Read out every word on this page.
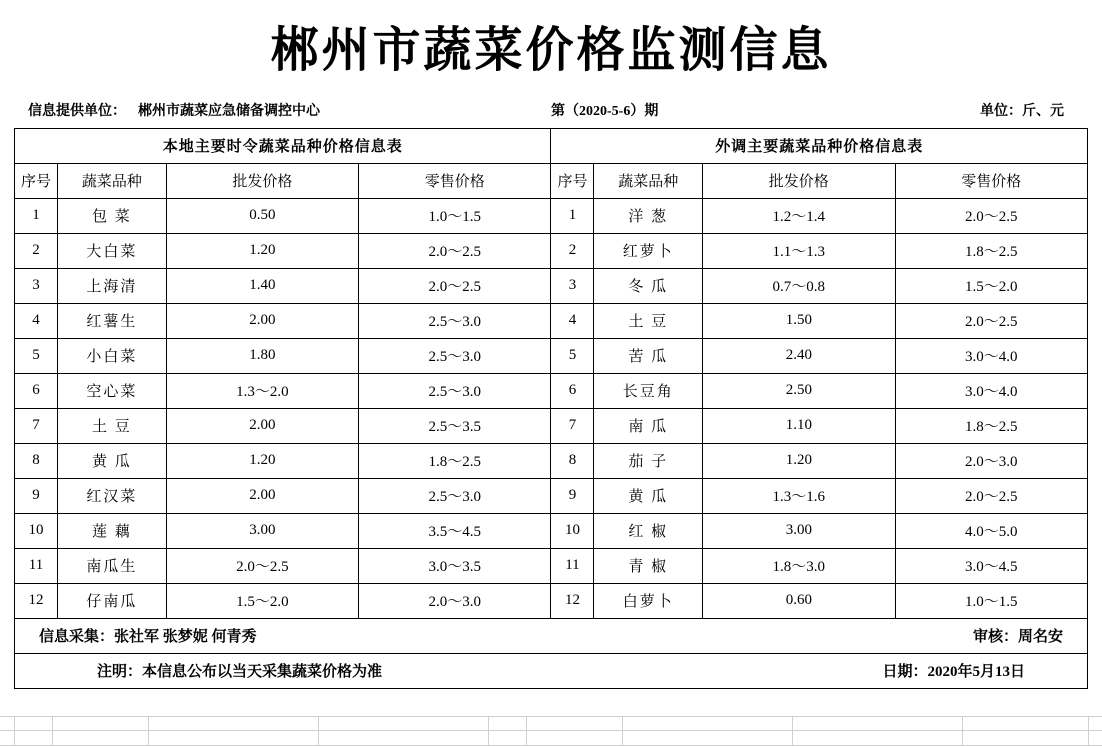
郴州市蔬菜价格监测信息
信息提供单位： 郴州市蔬菜应急储备调控中心	第（2020-5-6）期	单位：斤、元
本地主要时令蔬菜品种价格信息表				外调主要蔬菜品种价格信息表			
序号	蔬菜品种	批发价格	零售价格	序号	蔬菜品种	批发价格	零售价格
1	包 菜	0.50	1.0～1.5	1	洋 葱	1.2～1.4	2.0～2.5
2	大白菜	1.20	2.0～2.5	2	红萝卜	1.1～1.3	1.8～2.5
3	上海清	1.40	2.0～2.5	3	冬 瓜	0.7～0.8	1.5～2.0
4	红薯生	2.00	2.5～3.0	4	土 豆	1.50	2.0～2.5
5	小白菜	1.80	2.5～3.0	5	苦 瓜	2.40	3.0～4.0
6	空心菜	1.3～2.0	2.5～3.0	6	长豆角	2.50	3.0～4.0
7	土 豆	2.00	2.5～3.5	7	南 瓜	1.10	1.8～2.5
8	黄 瓜	1.20	1.8～2.5	8	茄 子	1.20	2.0～3.0
9	红汉菜	2.00	2.5～3.0	9	黄 瓜	1.3～1.6	2.0～2.5
10	莲 藕	3.00	3.5～4.5	10	红 椒	3.00	4.0～5.0
11	南瓜生	2.0～2.5	3.0～3.5	11	青 椒	1.8～3.0	3.0～4.5
12	仔南瓜	1.5～2.0	2.0～3.0	12	白萝卜	0.60	1.0～1.5

信息采集：张社军 张梦妮 何青秀 审核：周名安							

注明：本信息公布以当天采集蔬菜价格为准 日期：2020年5月13日							
